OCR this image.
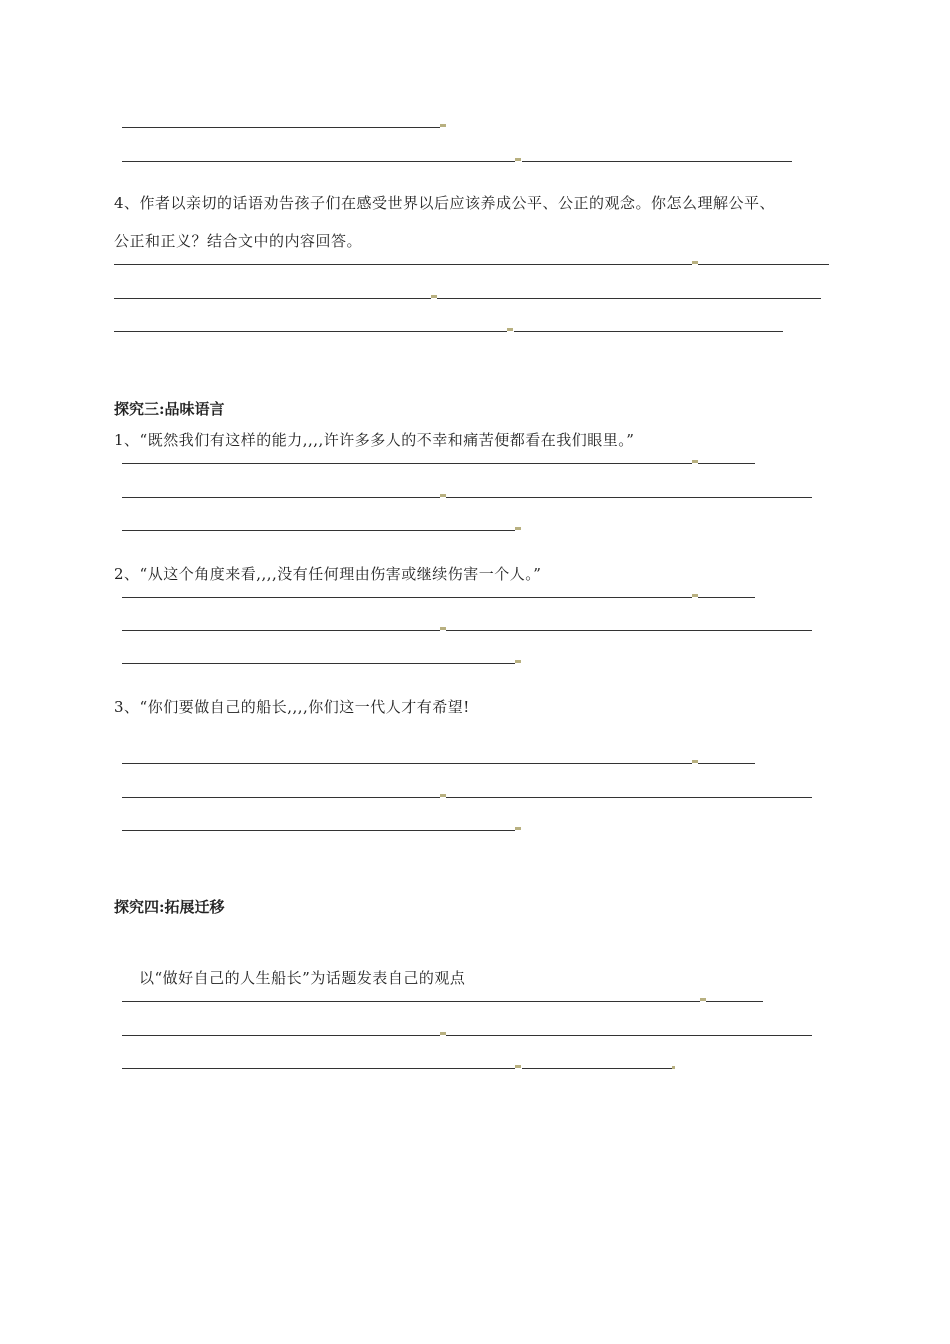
4、作者以亲切的话语劝告孩子们在感受世界以后应该养成公平、公正的观念。你怎么理解公平、
公正和正义？结合文中的内容回答。
探究三:品味语言
1、“既然我们有这样的能力,,,,许许多多人的不幸和痛苦便都看在我们眼里。”
2、“从这个角度来看,,,,没有任何理由伤害或继续伤害一个人。”
3、“你们要做自己的船长,,,,你们这一代人才有希望!
探究四:拓展迁移
以“做好自己的人生船长”为话题发表自己的观点
